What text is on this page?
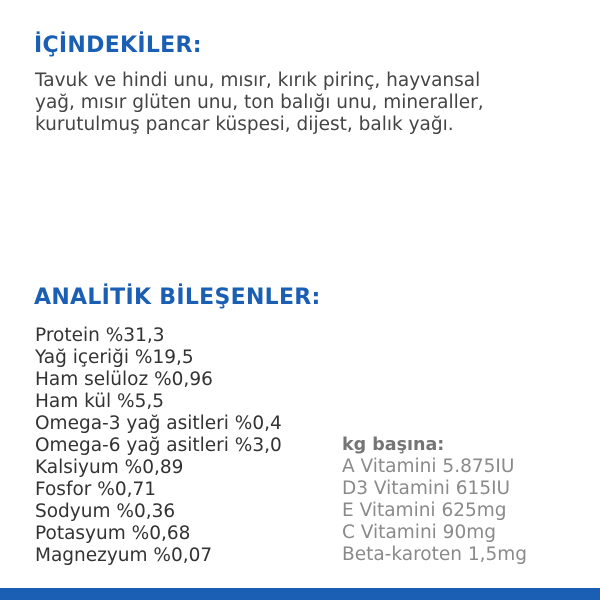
İÇİNDEKİLER:

Tavuk ve hindi unu, mısır, kırık pirinç, hayvansal
yağ, mısır glüten unu, ton balığı unu, mineraller,
kurutulmuş pancar küspesi, dijest, balık yağı.

ANALİTİK BİLEŞENLER:
Protein %31,3
Yağ içeriği %19,5
Ham selüloz %0,96
Ham kül %5,5
Omega-3 yağ asitleri %0,4
Omega-6 yağ asitleri %3,0
Kalsiyum %0,89
Fosfor %0,71
Sodyum %0,36
Potasyum %0,68
Magnezyum %0,07
kg başına:
A Vitamini 5.875IU
D3 Vitamini 615IU
E Vitamini 625mg
C Vitamini 90mg
Beta-karoten 1,5mg
